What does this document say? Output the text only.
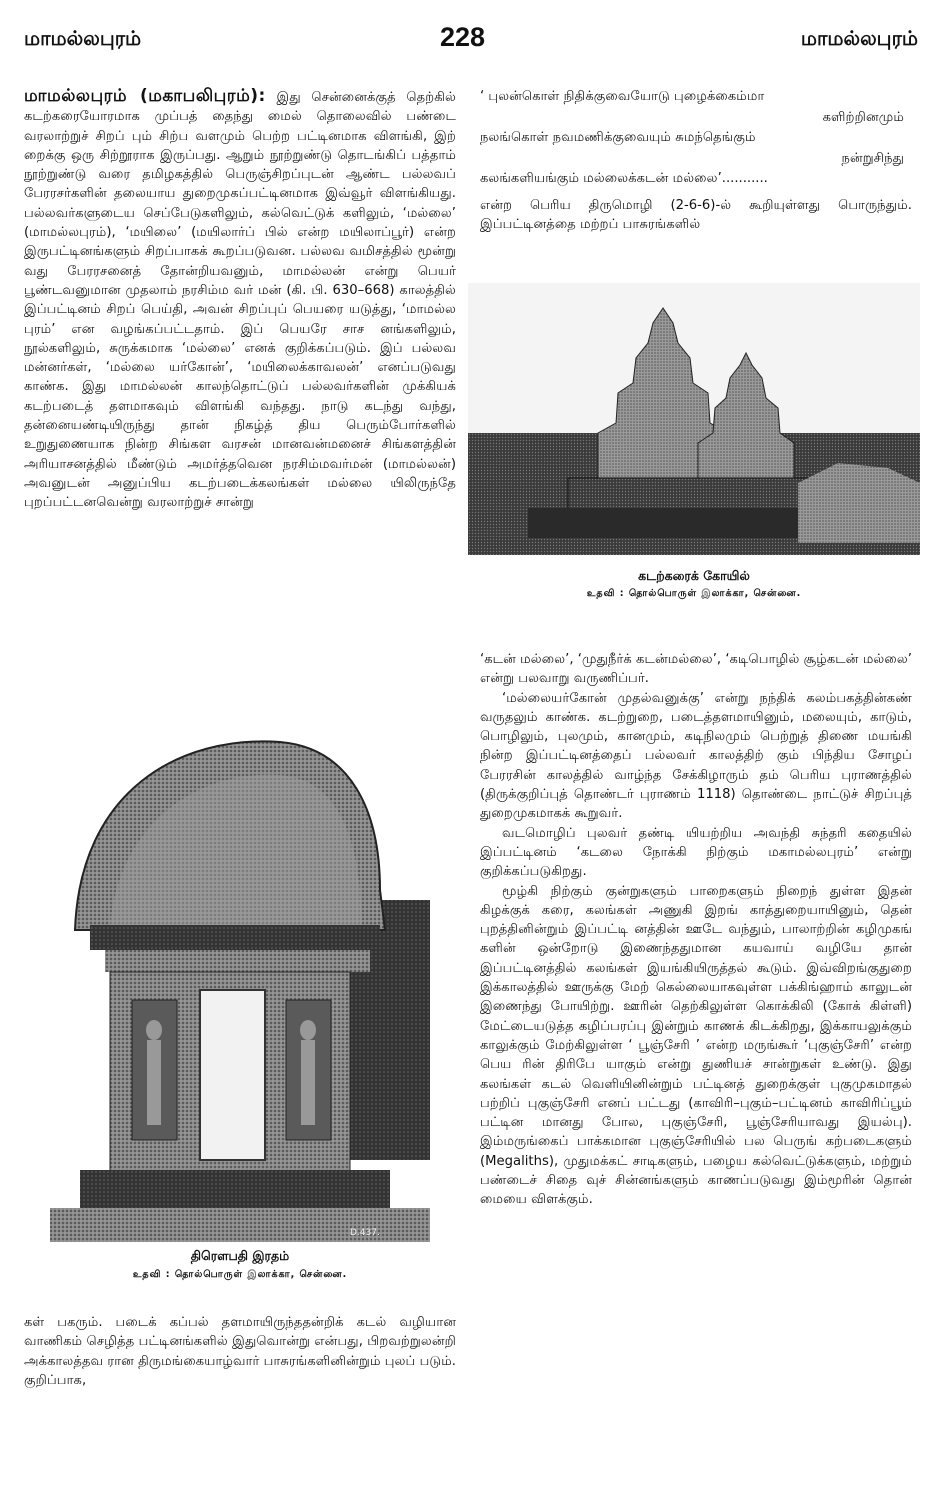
மாமல்லபுரம்	228	மாமல்லபுரம்

மாமல்லபுரம் (மகாபலிபுரம்): இது சென்னைக்குத் தெற்கில் கடற்கரையோரமாக முப்பத் தைந்து மைல் தொலைவில் பண்டை வரலாற்றுச் சிறப் பும் சிற்ப வளமும் பெற்ற பட்டினமாக விளங்கி, இற் றைக்கு ஒரு சிற்றூராக இருப்பது. ஆறும் நூற்றுண்டு தொடங்கிப் பத்தாம் நூற்றுண்டு வரை தமிழகத்தில் பெருஞ்சிறப்புடன் ஆண்ட பல்லவப் பேரரசர்களின் தலையாய துறைமுகப்பட்டினமாக இவ்வூர் விளங்கியது. பல்லவர்களுடைய செப்பேடுகளிலும், கல்வெட்டுக் களிலும், ‘மல்லை’ (மாமல்லபுரம்), ‘மயிலை’ (மயிலார்ப் பில் என்ற மயிலாப்பூர்) என்ற இருபட்டினங்களும் சிறப்பாகக் கூறப்படுவன. பல்லவ வமிசத்தில் மூன்று வது பேரரசனைத் தோன்றியவனும், மாமல்லன் என்று பெயர் பூண்டவனுமான முதலாம் நரசிம்ம வர் மன் (கி. பி. 630–668) காலத்தில் இப்பட்டினம் சிறப் பெய்தி, அவன் சிறப்புப் பெயரை யடுத்து, ‘மாமல்ல புரம்’ என வழங்கப்பட்டதாம். இப் பெயரே சாச னங்களிலும், நூல்களிலும், சுருக்கமாக ‘மல்லை’ எனக் குறிக்கப்படும். இப் பல்லவ மன்னர்கள், ‘மல்லை யர்கோன்’, ‘மயிலைக்காவலன்’ எனப்படுவது காண்க. இது மாமல்லன் காலந்தொட்டுப் பல்லவர்களின் முக்கியக் கடற்படைத் தளமாகவும் விளங்கி வந்தது. நாடு கடந்து வந்து, தன்னையண்டியிருந்து தான் நிகழ்த் திய பெரும்போர்களில் உறுதுணையாக நின்ற சிங்கள வரசன் மானவன்மனைச் சிங்களத்தின் அரியாசனத்தில் மீண்டும் அமர்த்தவென நரசிம்மவர்மன் (மாமல்லன்) அவனுடன் அனுப்பிய கடற்படைக்கலங்கள் மல்லை யிலிருந்தே புறப்பட்டனவென்று வரலாற்றுச் சான்று

‘ புலன்கொள் நிதிக்குவையோடு புழைக்கைம்மா
களிற்றினமும்
நலங்கொள் நவமணிக்குவையும் சுமந்தெங்கும்
நன்றுசிந்து
கலங்களியங்கும் மல்லைக்கடன் மல்லை’...........

என்ற பெரிய திருமொழி (2-6-6)-ல் கூறியுள்ளது பொருந்தும். இப்பட்டினத்தை மற்றப் பாசுரங்களில்

கடற்கரைக் கோயில்
உதவி : தொல்பொருள் இலாக்கா, சென்னை.

‘கடன் மல்லை’, ‘முதுநீர்க் கடன்மல்லை’, ‘கடிபொழில் சூழ்கடன் மல்லை’ என்று பலவாறு வருணிப்பர்.

‘மல்லையர்கோன் முதல்வனுக்கு’ என்று நந்திக் கலம்பகத்தின்கண் வருதலும் காண்க. கடற்றுறை, படைத்தளமாயினும், மலையும், காடும், பொழிலும், புலமும், கானமும், கடிநிலமும் பெற்றுத் திணை மயங்கி நின்ற இப்பட்டினத்தைப் பல்லவர் காலத்திற் கும் பிந்திய சோழப் பேரரசின் காலத்தில் வாழ்ந்த சேக்கிழாரும் தம் பெரிய புராணத்தில் (திருக்குறிப்புத் தொண்டர் புராணம் 1118) தொண்டை நாட்டுச் சிறப்புத் துறைமுகமாகக் கூறுவர்.

வடமொழிப் புலவர் தண்டி யியற்றிய அவந்தி சுந்தரி கதையில் இப்பட்டினம் ‘கடலை நோக்கி நிற்கும் மகாமல்லபுரம்’ என்று குறிக்கப்படுகிறது.

மூழ்கி நிற்கும் குன்றுகளும் பாறைகளும் நிறைந் துள்ள இதன் கிழக்குக் கரை, கலங்கள் அணுகி இறங் காத்துறையாயினும், தென் புறத்தினின்றும் இப்பட்டி னத்தின் ஊடே வந்தும், பாலாற்றின் கழிமுகங் களின் ஒன்றோடு இணைந்ததுமான கயவாய் வழியே தான் இப்பட்டினத்தில் கலங்கள் இயங்கியிருத்தல் கூடும். இவ்விறங்குதுறை இக்காலத்தில் ஊருக்கு மேற் கெல்லையாகவுள்ள பக்கிங்ஹாம் காலுடன் இணைந்து போயிற்று. ஊரின் தெற்கிலுள்ள கொக்கிலி (கோக் கிள்ளி) மேட்டையடுத்த கழிப்பரப்பு இன்றும் காணக் கிடக்கிறது, இக்காயலுக்கும் காலுக்கும் மேற்கிலுள்ள ‘ பூஞ்சேரி ’ என்ற மருங்கூர் ‘புகுஞ்சேரி’ என்ற பெய ரின் திரிபே யாகும் என்று துணியச் சான்றுகள் உண்டு. இது கலங்கள் கடல் வெளியினின்றும் பட்டினத் துறைக்குள் புகுமுகமாதல் பற்றிப் புகுஞ்சேரி எனப் பட்டது (காவிரி–புகும்–பட்டினம் காவிரிப்பூம் பட்டின மானது போல, புகுஞ்சேரி, பூஞ்சேரியாவது இயல்பு). இம்மருங்கைப் பாக்கமான புகுஞ்சேரியில் பல பெருங் கற்படைகளும் (Megaliths), முதுமக்கட் சாடிகளும், பழைய கல்வெட்டுக்களும், மற்றும் பண்டைச் சிதை வுச் சின்னங்களும் காணப்படுவது இம்மூரின் தொன் மையை விளக்கும்.

D.437.
திரௌபதி இரதம்
உதவி : தொல்பொருள் இலாக்கா, சென்னை.

கள் பகரும். படைக் கப்பல் தளமாயிருந்ததன்றிக் கடல் வழியான வாணிகம் செழித்த பட்டினங்களில் இதுவொன்று என்பது, பிறவற்றுலன்றி அக்காலத்தவ ரான திருமங்கையாழ்வார் பாசுரங்களினின்றும் புலப் படும். குறிப்பாக,
